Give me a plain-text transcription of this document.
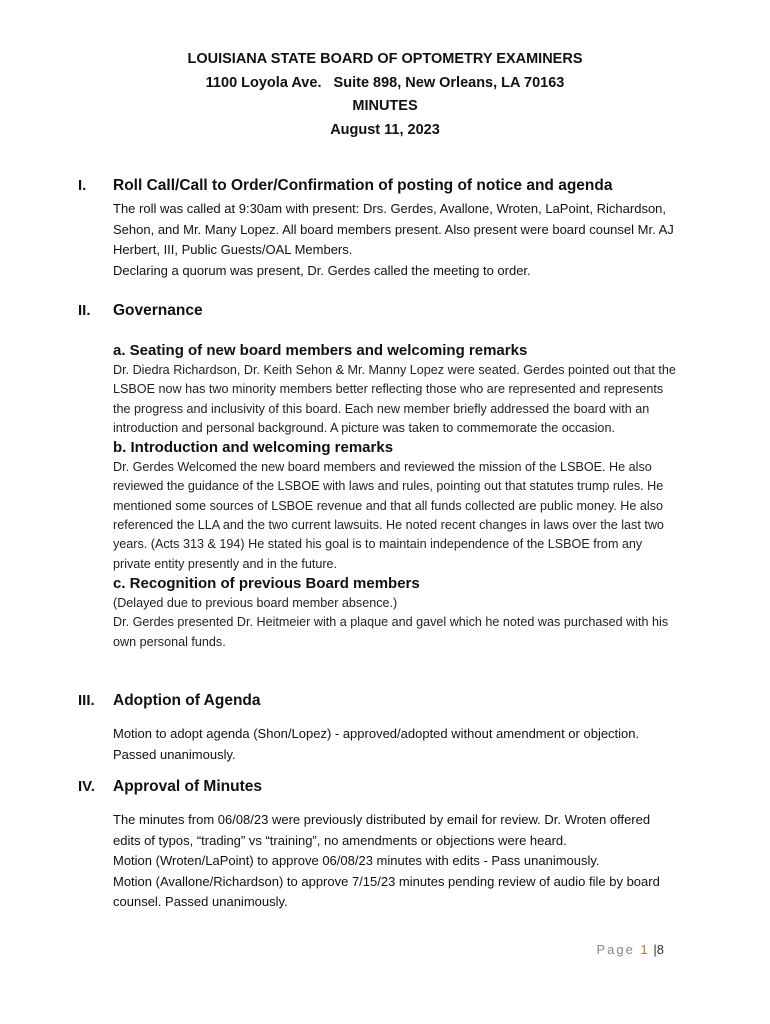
LOUISIANA STATE BOARD OF OPTOMETRY EXAMINERS
1100 Loyola Ave.   Suite 898, New Orleans, LA 70163
MINUTES
August 11, 2023
I. Roll Call/Call to Order/Confirmation of posting of notice and agenda

The roll was called at 9:30am with present: Drs. Gerdes, Avallone, Wroten, LaPoint, Richardson, Sehon, and Mr. Many Lopez. All board members present. Also present were board counsel Mr. AJ Herbert, III, Public Guests/OAL Members.

Declaring a quorum was present, Dr. Gerdes called the meeting to order.

II. Governance
a. Seating of new board members and welcoming remarks
Dr. Diedra Richardson, Dr. Keith Sehon & Mr. Manny Lopez were seated. Gerdes pointed out that the LSBOE now has two minority members better reflecting those who are represented and represents the progress and inclusivity of this board. Each new member briefly addressed the board with an introduction and personal background. A picture was taken to commemorate the occasion.
b. Introduction and welcoming remarks
Dr. Gerdes Welcomed the new board members and reviewed the mission of the LSBOE. He also reviewed the guidance of the LSBOE with laws and rules, pointing out that statutes trump rules. He mentioned some sources of LSBOE revenue and that all funds collected are public money. He also referenced the LLA and the two current lawsuits. He noted recent changes in laws over the last two years. (Acts 313 & 194) He stated his goal is to maintain independence of the LSBOE from any private entity presently and in the future.
c. Recognition of previous Board members

(Delayed due to previous board member absence.)

Dr. Gerdes presented Dr. Heitmeier with a plaque and gavel which he noted was purchased with his own personal funds.

III. Adoption of Agenda

Motion to adopt agenda (Shon/Lopez) - approved/adopted without amendment or objection. Passed unanimously.

IV. Approval of Minutes

The minutes from 06/08/23 were previously distributed by email for review. Dr. Wroten offered edits of typos, “trading” vs “training”, no amendments or objections were heard.

Motion (Wroten/LaPoint) to approve 06/08/23 minutes with edits - Pass unanimously.

Motion (Avallone/Richardson) to approve 7/15/23 minutes pending review of audio file by board counsel. Passed unanimously.

Page 1 |8
